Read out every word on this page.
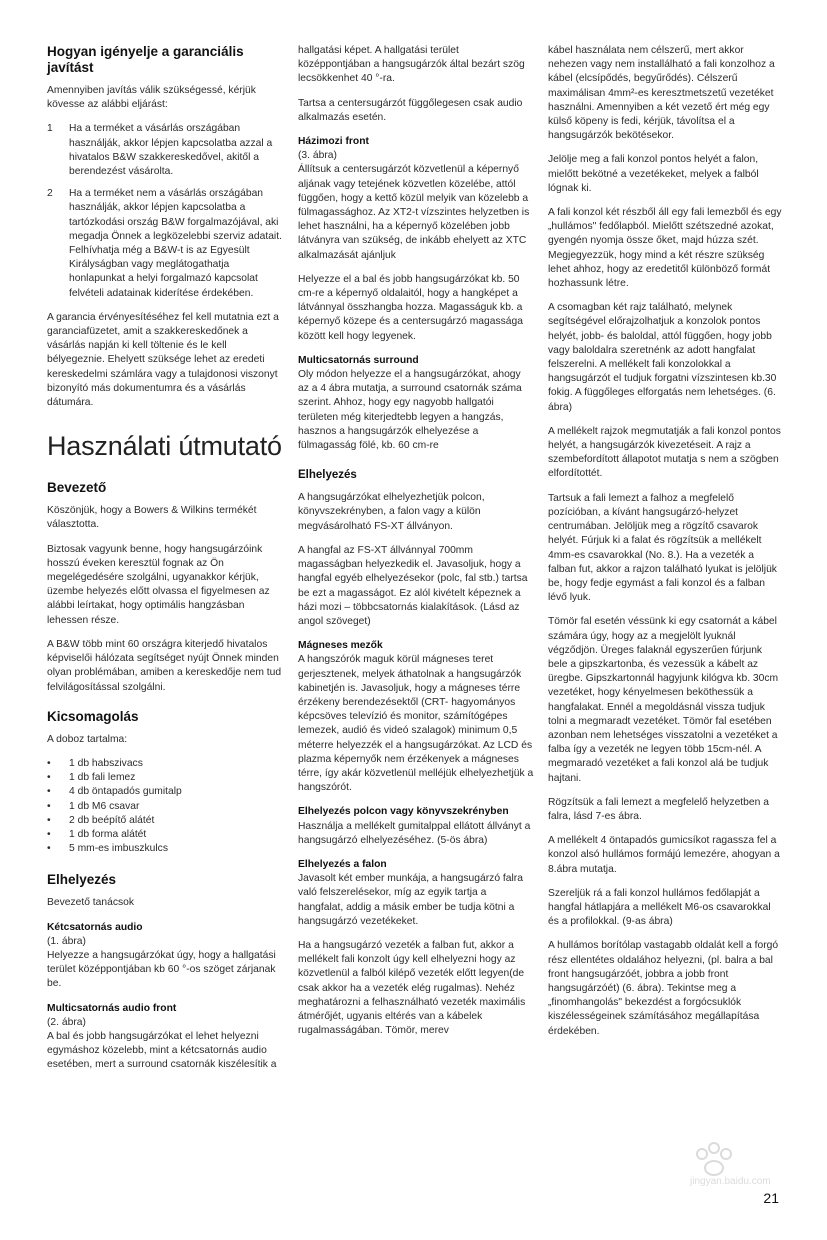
Hogyan igényelje a garanciális javítást

Amennyiben javítás válik szükségessé, kérjük kövesse az alábbi eljárást:

1	Ha a terméket a vásárlás országában használják, akkor lépjen kapcsolatba azzal a hivatalos B&W szakkereskedővel, akitől a berendezést vásárolta.
2	Ha a terméket nem a vásárlás országában használják, akkor lépjen kapcsolatba a tartózkodási ország B&W forgalmazójával, aki megadja Önnek a legközelebbi szerviz adatait. Felhívhatja még a B&W-t is az Egyesült Királyságban vagy meglátogathatja honlapunkat a helyi forgalmazó kapcsolat felvételi adatainak kiderítése érdekében.

A garancia érvényesítéséhez fel kell mutatnia ezt a garanciafüzetet, amit a szakkereskedőnek a vásárlás napján ki kell töltenie és le kell bélyegeznie. Ehelyett szüksége lehet az eredeti kereskedelmi számlára vagy a tulajdonosi viszonyt bizonyító más dokumentumra és a vásárlás dátumára.

Használati útmutató
Bevezető

Köszönjük, hogy a Bowers & Wilkins termékét választotta.

Biztosak vagyunk benne, hogy hangsugárzóink hosszú éveken keresztül fognak az Ön megelégedésére szolgálni, ugyanakkor kérjük, üzembe helyezés előtt olvassa el figyelmesen az alábbi leírtakat, hogy optimális hangzásban lehessen része.

A B&W több mint 60 országra kiterjedő hivatalos képviselői hálózata segítséget nyújt Önnek minden olyan problémában, amiben a kereskedője nem tud felvilágosítással szolgálni.

Kicsomagolás

A doboz tartalma:

•	1 db habszivacs
•	1 db fali lemez
•	4 db öntapadós gumitalp
•	1 db M6 csavar
•	2 db beépítő alátét
•	1 db forma alátét
•	5 mm-es imbuszkulcs
Elhelyezés

Bevezető tanácsok

Kétcsatornás audio
(1. ábra)

Helyezze a hangsugárzókat úgy, hogy a hallgatási terület középpontjában kb 60 °-os szöget zárjanak be.

Multicsatornás audio front
(2. ábra)

A bal és jobb hangsugárzókat el lehet helyezni egymáshoz közelebb, mint a kétcsatornás audio esetében, mert a surround csatornák kiszélesítik a

hallgatási képet. A hallgatási terület középpontjában a hangsugárzók által bezárt szög lecsökkenhet 40 °-ra.

Tartsa a centersugárzót függőlegesen csak audio alkalmazás esetén.

Házimozi front
(3. ábra)

Állítsuk a centersugárzót közvetlenül a képernyő aljának vagy tetejének közvetlen közelébe, attól függően, hogy a kettő közül melyik van közelebb a fülmagassághoz. Az XT2-t vízszintes helyzetben is lehet használni, ha a képernyő közelében jobb látványra van szükség, de inkább ehelyett az XTC alkalmazását ajánljuk

Helyezze el a bal és jobb hangsugárzókat kb. 50 cm-re a képernyő oldalaitól, hogy a hangképet a látvánnyal összhangba hozza. Magasságuk kb. a képernyő közepe és a centersugárzó magassága között kell hogy legyenek.

Multicsatornás surround

Oly módon helyezze el a hangsugárzókat, ahogy az a 4 ábra mutatja, a surround csatornák száma szerint. Ahhoz, hogy egy nagyobb hallgatói területen még kiterjedtebb legyen a hangzás, hasznos a hangsugárzók elhelyezése a fülmagasság fölé, kb. 60 cm-re

Elhelyezés

A hangsugárzókat elhelyezhetjük polcon, könyvszekrényben, a falon vagy a külön megvásárolható FS-XT állványon.

A hangfal az FS-XT állvánnyal 700mm magasságban helyezkedik el. Javasoljuk, hogy a hangfal egyéb elhelyezésekor (polc, fal stb.) tartsa be ezt a magasságot. Ez alól kivételt képeznek a házi mozi – többcsatornás kialakítások. (Lásd az angol szöveget)

Mágneses mezők

A hangszórók maguk körül mágneses teret gerjesztenek, melyek áthatolnak a hangsugárzók kabinetjén is. Javasoljuk, hogy a mágneses térre érzékeny berendezésektől (CRT- hagyományos képcsöves televízió és monitor, számítógépes lemezek, audió és videó szalagok) minimum 0,5 méterre helyezzék el a hangsugárzókat. Az LCD és plazma képernyők nem érzékenyek a mágneses térre, így akár közvetlenül melléjük elhelyezhetjük a hangszórót.

Elhelyezés polcon vagy könyvszekrényben

Használja a mellékelt gumitalppal ellátott állványt a hangsugárzó elhelyezéséhez. (5-ös ábra)

Elhelyezés a falon

Javasolt két ember munkája, a hangsugárzó falra való felszerelésekor, míg az egyik tartja a hangfalat, addig a másik ember be tudja kötni a hangsugárzó vezetékeket.

Ha a hangsugárzó vezeték a falban fut, akkor a mellékelt fali konzolt úgy kell elhelyezni hogy az közvetlenül a falból kilépő vezeték előtt legyen(de csak akkor ha a vezeték elég rugalmas). Nehéz meghatározni a felhasználható vezeték maximális átmérőjét, ugyanis eltérés van a kábelek rugalmasságában. Tömör, merev

kábel használata nem célszerű, mert akkor nehezen vagy nem installálható a fali konzolhoz a kábel (elcsípődés, begyűrődés). Célszerű maximálisan 4mm²-es keresztmetszetű vezetéket használni. Amennyiben a két vezető ért még egy külső köpeny is fedi, kérjük, távolítsa el a hangsugárzók bekötésekor.

Jelölje meg a fali konzol pontos helyét a falon, mielőtt bekötné a vezetékeket, melyek a falból lógnak ki.

A fali konzol két részből áll egy fali lemezből és egy „hullámos" fedőlapból. Mielőtt szétszedné azokat, gyengén nyomja össze őket, majd húzza szét. Megjegyezzük, hogy mind a két részre szükség lehet ahhoz, hogy az eredetitől különböző formát hozhassunk létre.

A csomagban két rajz található, melynek segítségével előrajzolhatjuk a konzolok pontos helyét, jobb- és baloldal, attól függően, hogy jobb vagy baloldalra szeretnénk az adott hangfalat felszerelni. A mellékelt fali konzolokkal a hangsugárzót el tudjuk forgatni vízszintesen kb.30 fokig. A függőleges elforgatás nem lehetséges. (6. ábra)

A mellékelt rajzok megmutatják a fali konzol pontos helyét, a hangsugárzók kivezetéseit. A rajz a szembefordított állapotot mutatja s nem a szögben elfordítottét.

Tartsuk a fali lemezt a falhoz a megfelelő pozícióban, a kívánt hangsugárzó-helyzet centrumában. Jelöljük meg a rögzítő csavarok helyét. Fúrjuk ki a falat és rögzítsük a mellékelt 4mm-es csavarokkal (No. 8.). Ha a vezeték a falban fut, akkor a rajzon található lyukat is jelöljük be, hogy fedje egymást a fali konzol és a falban lévő lyuk.

Tömör fal esetén véssünk ki egy csatornát a kábel számára úgy, hogy az a megjelölt lyuknál végződjön. Üreges falaknál egyszerűen fúrjunk bele a gipszkartonba, és vezessük a kábelt az üregbe. Gipszkartonnál hagyjunk kilógva kb. 30cm vezetéket, hogy kényelmesen beköthessük a hangfalakat. Ennél a megoldásnál vissza tudjuk tolni a megmaradt vezetéket. Tömör fal esetében azonban nem lehetséges visszatolni a vezetéket a falba így a vezeték ne legyen több 15cm-nél. A megmaradó vezetéket a fali konzol alá be tudjuk hajtani.

Rögzítsük a fali lemezt a megfelelő helyzetben a falra, lásd 7-es ábra.

A mellékelt 4 öntapadós gumicsíkot ragassza fel a konzol alsó hullámos formájú lemezére, ahogyan a 8.ábra mutatja.

Szereljük rá a fali konzol hullámos fedőlapját a hangfal hátlapjára a mellékelt M6-os csavarokkal és a profilokkal. (9-as ábra)

A hullámos borítólap vastagabb oldalát kell a forgó rész ellentétes oldalához helyezni, (pl. balra a bal front hangsugárzóét, jobbra a jobb front hangsugárzóét) (6. ábra). Tekintse meg a „finomhangolás" bekezdést a forgócsuklók kiszélességeinek számításához megállapítása érdekében.

jingyan.baidu.com
21
